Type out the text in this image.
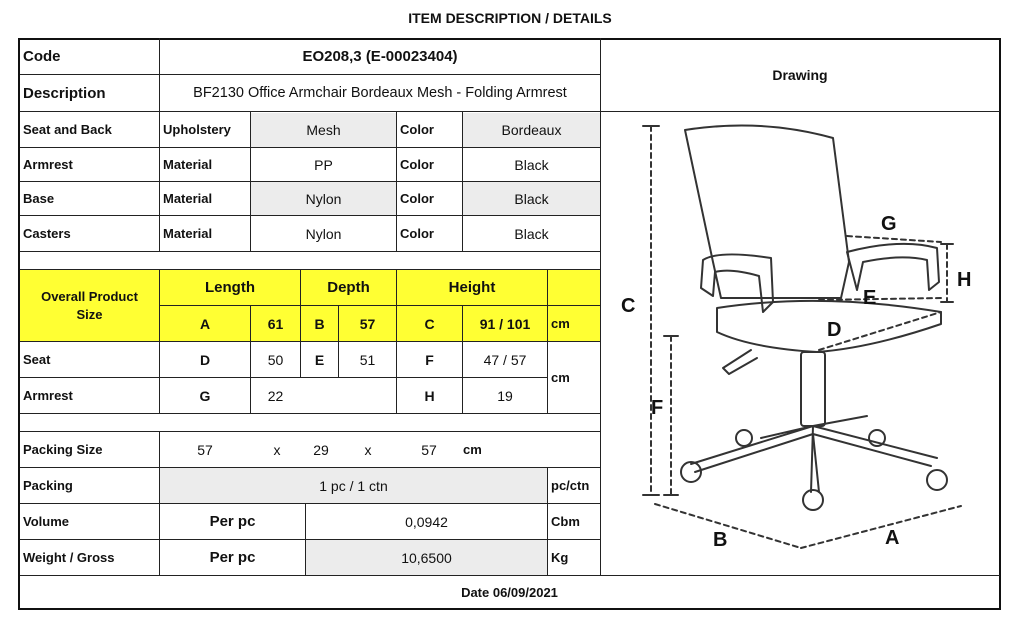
ITEM DESCRIPTION / DETAILS
Code	EO208,3 (E-00023404)
Description	BF2130 Office Armchair Bordeaux Mesh - Folding Armrest
Drawing
Seat and Back	Upholstery	Mesh	Color	Bordeaux
Armrest	Material	PP	Color	Black
Base	Material	Nylon	Color	Black
Casters	Material	Nylon	Color	Black
Overall Product
Size
Length	Depth	Height
A	61	B	57	C	91 / 101	cm
Seat	D	50	E	51	F	47 / 57
Armrest	G	22	H	19
cm
Packing Size	57	x	29	x	57	cm
Packing	1 pc / 1 ctn	pc/ctn
Volume	Per pc	0,0942	Cbm
Weight / Gross	Per pc	10,6500	Kg
Date 06/09/2021
C
F
B	A
G
H
E
D
